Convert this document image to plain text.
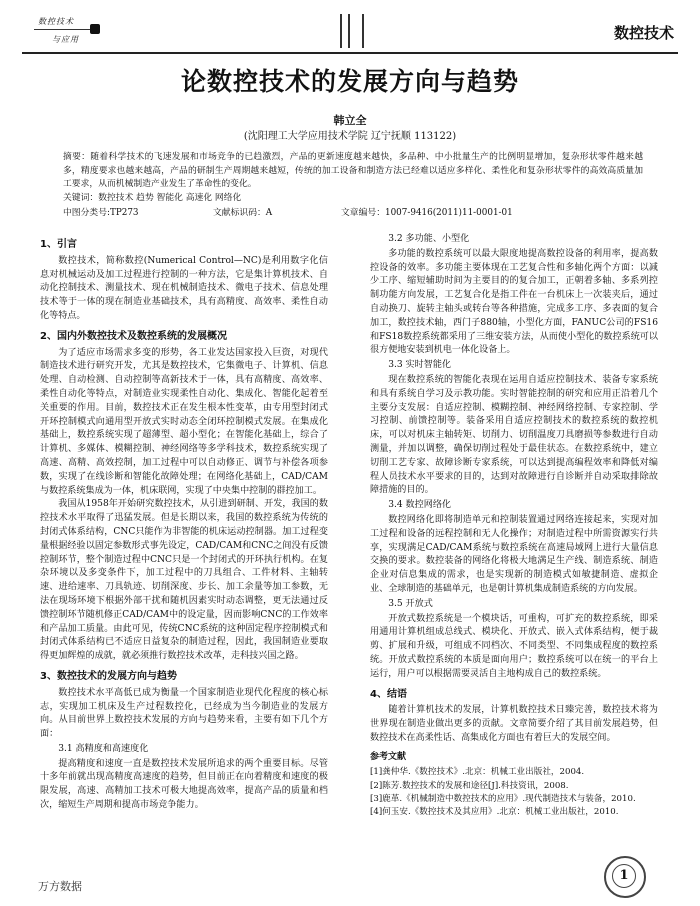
数控技术
与应用	数控技术
论数控技术的发展方向与趋势
韩立全
(沈阳理工大学应用技术学院 辽宁抚顺 113122)
摘要：随着科学技术的飞速发展和市场竞争的已趋激烈，产品的更新速度越来越快，多品种、中小批量生产的比例明显增加，复杂形状零件越来越多，精度要求也越来越高，产品的研制生产周期越来越短，传统的加工设备和制造方法已经难以适应多样化、柔性化和复杂形状零件的高效高质量加工要求，从而机械制造产业发生了革命性的变化。
关键词：数控技术 趋势 智能化 高速化 网络化
中图分类号:TP273	文献标识码：A	文章编号：1007-9416(2011)11-0001-01
1、引言

数控技术，简称数控(Numerical Control—NC)是利用数字化信息对机械运动及加工过程进行控制的一种方法，它是集计算机技术、自动化控制技术、测量技术、现在机械制造技术、微电子技术、信息处理技术等于一体的现在制造业基础技术，具有高精度、高效率、柔性自动化等特点。

2、国内外数控技术及数控系统的发展概况

为了适应市场需求多变的形势，各工业发达国家投入巨资，对现代制造技术进行研究开发，尤其是数控技术，它集微电子、计算机、信息处理、自动检测、自动控制等高新技术于一体，具有高精度、高效率、柔性自动化等特点，对制造业实现柔性自动化、集成化、智能化起着至关重要的作用。目前，数控技术正在发生根本性变革，由专用型封闭式开环控制模式向通用型开放式实时动态全闭环控制模式发展。在集成化基础上，数控系统实现了超薄型、超小型化；在智能化基础上，综合了计算机、多媒体、模糊控制、神经网络等多学科技术，数控系统实现了高速、高精、高效控制，加工过程中可以自动修正、调节与补偿各项参数，实现了在线诊断和智能化故障处理；在网络化基础上，CAD/CAM与数控系统集成为一体，机床联网，实现了中央集中控制的群控加工。

我国从1958年开始研究数控技术，从引进到研制、开发，我国的数控技术水平取得了迅猛发展。但是长期以来，我国的数控系统为传统的封闭式体系结构，CNC只能作为非智能的机床运动控制器。加工过程变量根据经验以固定参数形式事先设定，CAD/CAM和CNC之间没有反馈控制环节，整个制造过程中CNC只是一个封闭式的开环执行机构。在复杂环境以及多变条件下，加工过程中的刀具组合、工件材料、主轴转速、进给速率、刀具轨迹、切削深度、步长、加工余量等加工参数，无法在现场环境下根据外部干扰和随机因素实时动态调整，更无法通过反馈控制环节随机修正CAD/CAM中的设定量，因而影响CNC的工作效率和产品加工质量。由此可见，传统CNC系统的这种固定程序控制模式和封闭式体系结构已不适应日益复杂的制造过程，因此，我国制造业要取得更加辉煌的成就，就必须推行数控技术改革，走科技兴国之路。

3、数控技术的发展方向与趋势

数控技术水平高低已成为衡量一个国家制造业现代化程度的核心标志，实现加工机床及生产过程数控化，已经成为当今制造业的发展方向。从目前世界上数控技术发展的方向与趋势来看，主要有如下几个方面：

3.1 高精度和高速度化

提高精度和速度一直是数控技术发展所追求的两个重要目标。尽管十多年前就出现高精度高速度的趋势，但目前正在向着精度和速度的极限发展，高速、高精加工技术可极大地提高效率，提高产品的质量和档次，缩短生产周期和提高市场竞争能力。

3.2 多功能、小型化

多功能的数控系统可以最大限度地提高数控设备的利用率，提高数控设备的效率。多功能主要体现在工艺复合性和多轴化两个方面：以减少工序、缩短辅助时间为主要目的的复合加工，正朝着多轴、多系列控制功能方向发展，工艺复合化是指工件在一台机床上一次装夹后，通过自动换刀、旋转主轴头或转台等各种措施，完成多工序、多表面的复合加工，数控技术轴，西门子880轴，小型化方面，FANUC公司的FS16和FS18数控系统都采用了三维安装方法，从而使小型化的数控系统可以很方便地安装到机电一体化设备上。

3.3 实时智能化

现在数控系统的智能化表现在运用自适应控制技术、装备专家系统和具有系统自学习及示教功能。实时智能控制的研究和应用正沿着几个主要分支发展：自适应控制、模糊控制、神经网络控制、专家控制、学习控制、前馈控制等。装备采用自适应控制技术的数控系统的数控机床，可以对机床主轴转矩、切削力、切削温度刀具磨损等参数进行自动测量，并加以调整，确保切削过程处于最佳状态。在数控系统中，建立切削工艺专家、故障诊断专家系统，可以达到提高编程效率和降低对编程人员技术水平要求的目的，达到对故障进行自诊断并自动采取排除故障措施的目的。

3.4 数控网络化

数控网络化即将制造单元和控制装置通过网络连接起来，实现对加工过程和设备的远程控制和无人化操作；对制造过程中所需资源实行共享，实现满足CAD/CAM系统与数控系统在高速局域网上进行大量信息交换的要求。数控装备的网络化将极大地满足生产线、制造系统、制造企业对信息集成的需求，也是实现新的制造模式如敏捷制造、虚拟企业、全球制造的基础单元，也是朝计算机集成制造系统的方向发展。

3.5 开放式

开放式数控系统是一个模块话，可重构，可扩充的数控系统，即采用通用计算机组成总线式、模块化、开放式、嵌入式体系结构，便于裁剪、扩展和升级，可组成不同档次、不同类型、不同集成程度的数控系统。开放式数控系统的本质是面向用户；数控系统可以在统一的平台上运行，用户可以根据需要灵活自主地构成自己的数控系统。

4、结语

随着计算机技术的发展，计算机数控技术日臻完善，数控技术将为世界现在制造业做出更多的贡献。文章简要介绍了其目前发展趋势，但数控技术在高柔性话、高集成化方面也有着巨大的发展空间。

参考文献
[1]龚仲华.《数控技术》.北京：机械工业出版社，2004.
[2]陈芳.数控技术的发展和途径[J].科技资讯，2008.
[3]鹿革.《机械制造中数控技术的应用》.现代制造技术与装备，2010.
[4]何玉安.《数控技术及其应用》.北京：机械工业出版社，2010.
万方数据
1
